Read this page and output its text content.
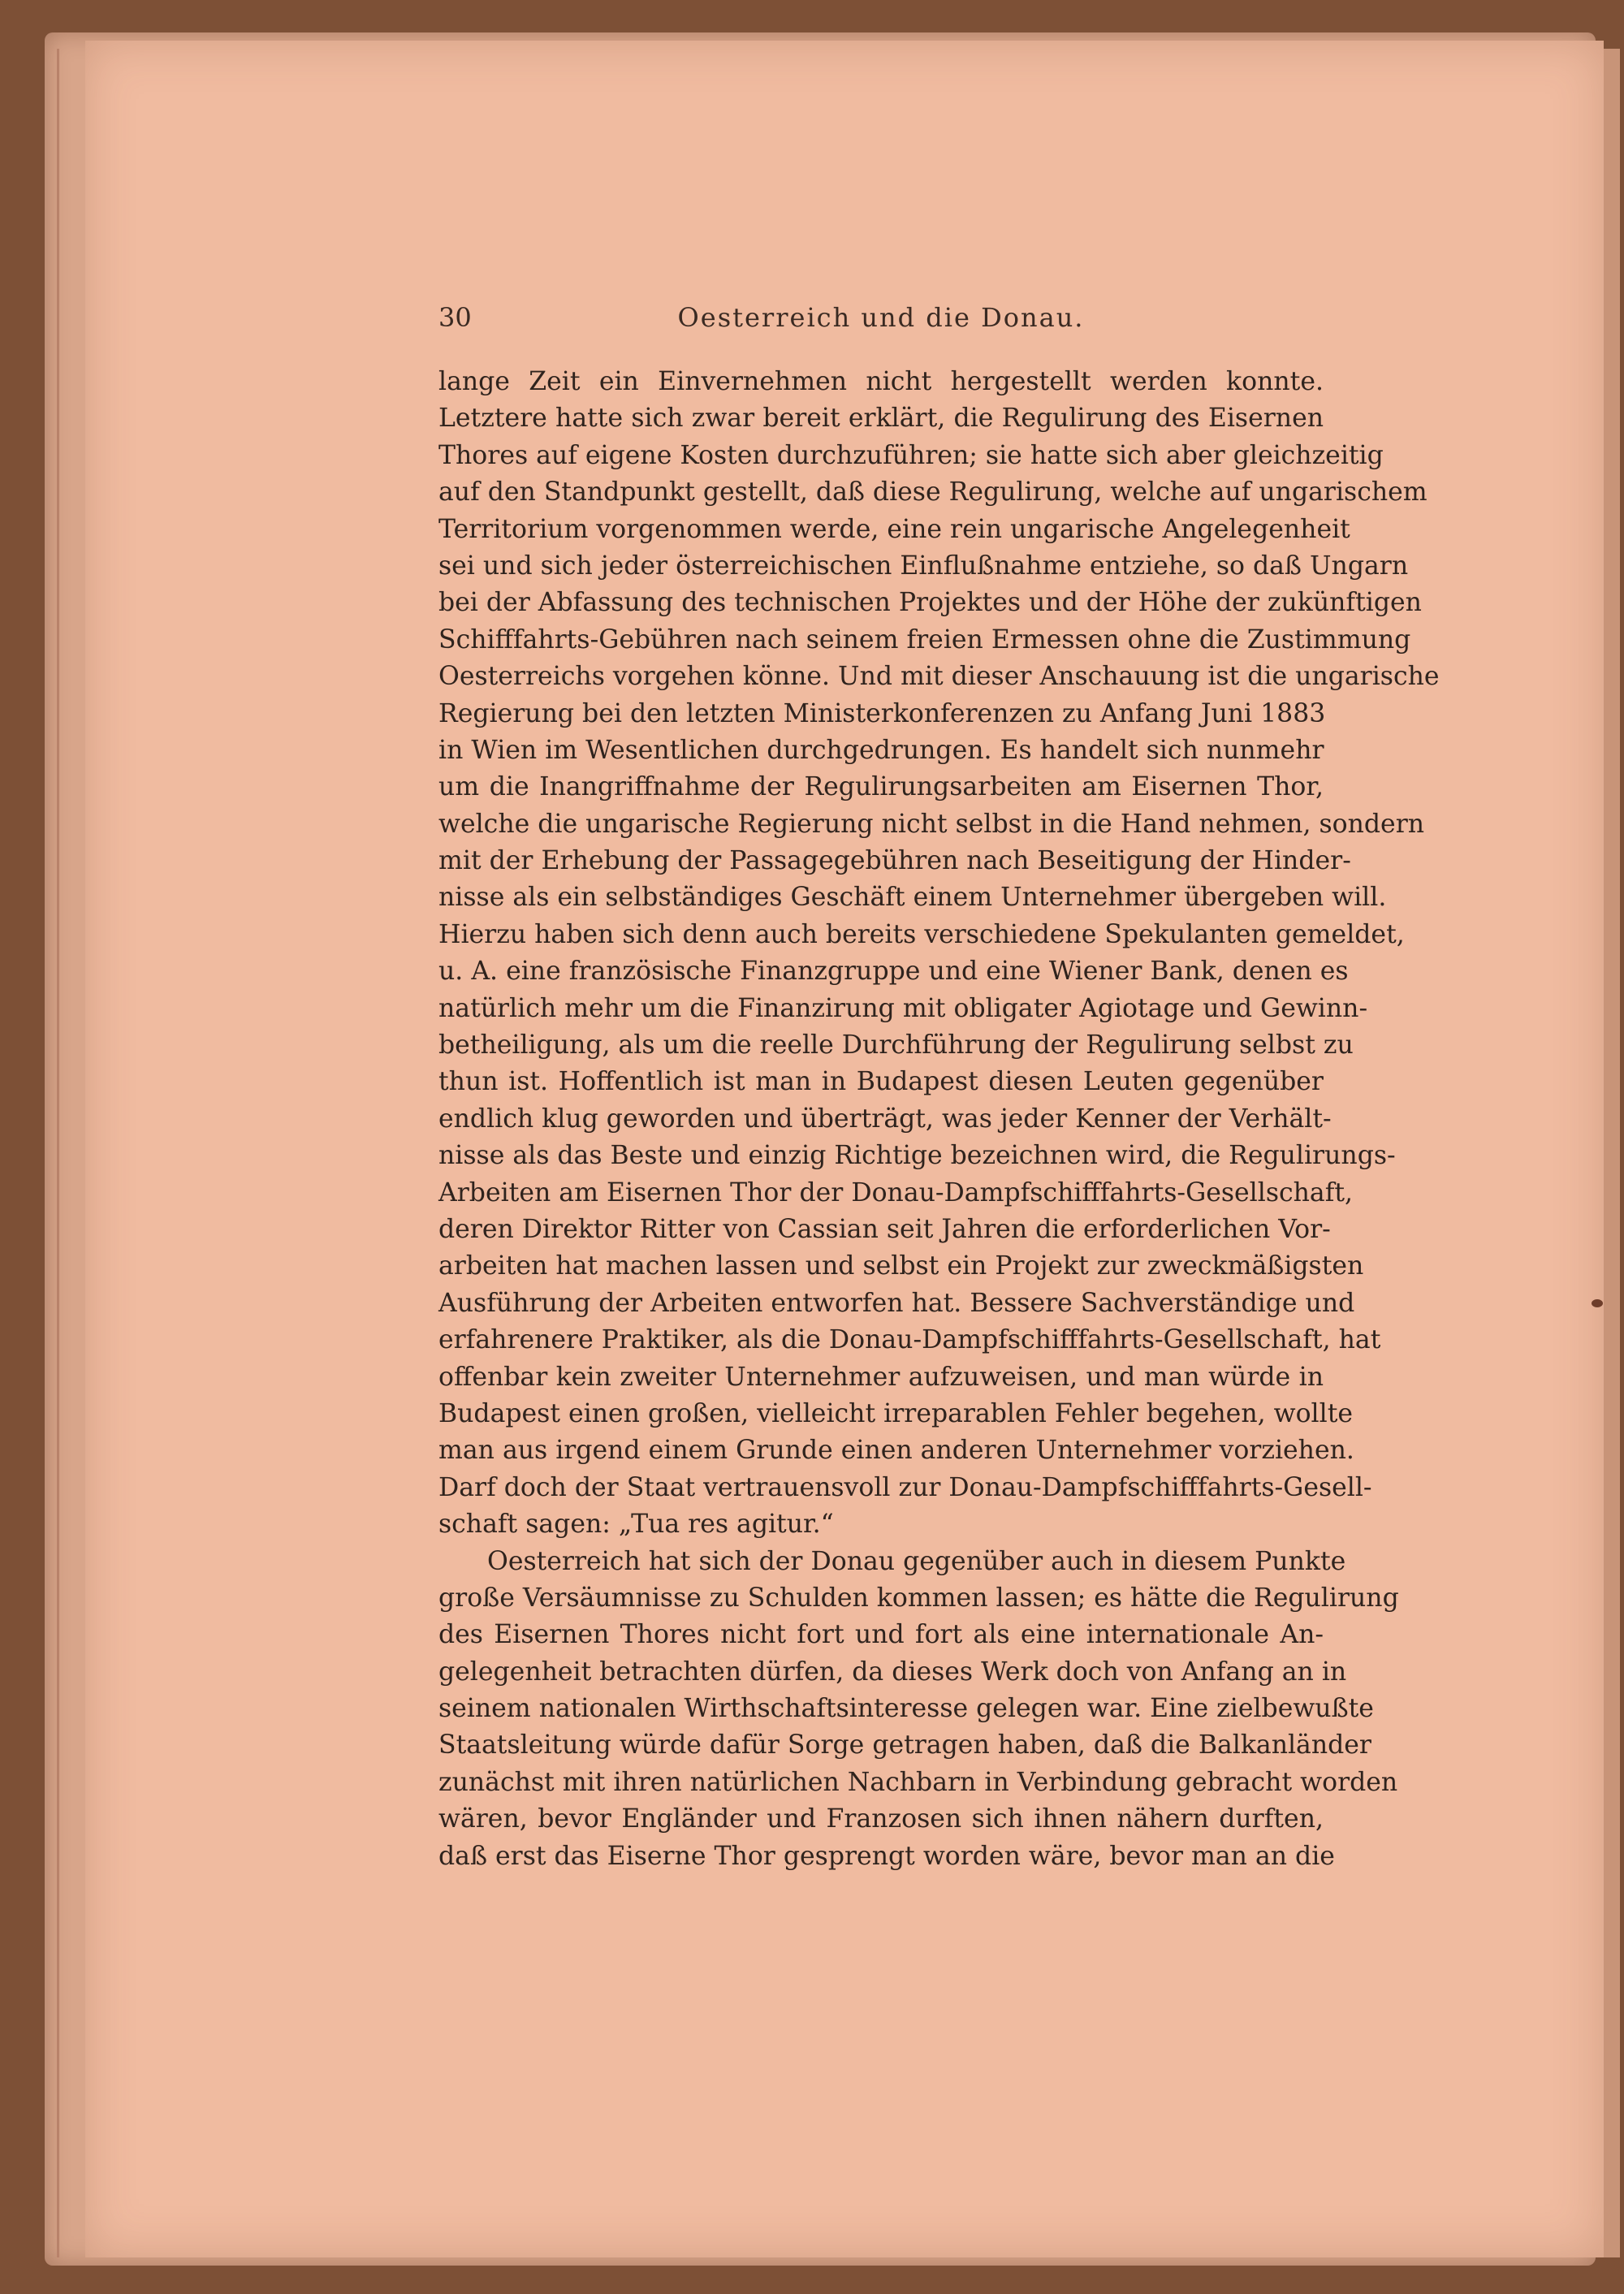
30	Oesterreich und die Donau.
lange Zeit ein Einvernehmen nicht hergestellt werden konnte.
Letztere hatte sich zwar bereit erklärt, die Regulirung des Eisernen
Thores auf eigene Kosten durchzuführen; sie hatte sich aber gleichzeitig
auf den Standpunkt gestellt, daß diese Regulirung, welche auf ungarischem
Territorium vorgenommen werde, eine rein ungarische Angelegenheit
sei und sich jeder österreichischen Einflußnahme entziehe, so daß Ungarn
bei der Abfassung des technischen Projektes und der Höhe der zukünftigen
Schifffahrts-Gebühren nach seinem freien Ermessen ohne die Zustimmung
Oesterreichs vorgehen könne. Und mit dieser Anschauung ist die ungarische
Regierung bei den letzten Ministerkonferenzen zu Anfang Juni 1883
in Wien im Wesentlichen durchgedrungen. Es handelt sich nunmehr
um die Inangriffnahme der Regulirungsarbeiten am Eisernen Thor,
welche die ungarische Regierung nicht selbst in die Hand nehmen, sondern
mit der Erhebung der Passagegebühren nach Beseitigung der Hinder-
nisse als ein selbständiges Geschäft einem Unternehmer übergeben will.
Hierzu haben sich denn auch bereits verschiedene Spekulanten gemeldet,
u. A. eine französische Finanzgruppe und eine Wiener Bank, denen es
natürlich mehr um die Finanzirung mit obligater Agiotage und Gewinn-
betheiligung, als um die reelle Durchführung der Regulirung selbst zu
thun ist. Hoffentlich ist man in Budapest diesen Leuten gegenüber
endlich klug geworden und überträgt, was jeder Kenner der Verhält-
nisse als das Beste und einzig Richtige bezeichnen wird, die Regulirungs-
Arbeiten am Eisernen Thor der Donau-Dampfschifffahrts-Gesellschaft,
deren Direktor Ritter von Cassian seit Jahren die erforderlichen Vor-
arbeiten hat machen lassen und selbst ein Projekt zur zweckmäßigsten
Ausführung der Arbeiten entworfen hat. Bessere Sachverständige und
erfahrenere Praktiker, als die Donau-Dampfschifffahrts-Gesellschaft, hat
offenbar kein zweiter Unternehmer aufzuweisen, und man würde in
Budapest einen großen, vielleicht irreparablen Fehler begehen, wollte
man aus irgend einem Grunde einen anderen Unternehmer vorziehen.
Darf doch der Staat vertrauensvoll zur Donau-Dampfschifffahrts-Gesell-
schaft sagen: „Tua res agitur.“
Oesterreich hat sich der Donau gegenüber auch in diesem Punkte
große Versäumnisse zu Schulden kommen lassen; es hätte die Regulirung
des Eisernen Thores nicht fort und fort als eine internationale An-
gelegenheit betrachten dürfen, da dieses Werk doch von Anfang an in
seinem nationalen Wirthschaftsinteresse gelegen war. Eine zielbewußte
Staatsleitung würde dafür Sorge getragen haben, daß die Balkanländer
zunächst mit ihren natürlichen Nachbarn in Verbindung gebracht worden
wären, bevor Engländer und Franzosen sich ihnen nähern durften,
daß erst das Eiserne Thor gesprengt worden wäre, bevor man an die
